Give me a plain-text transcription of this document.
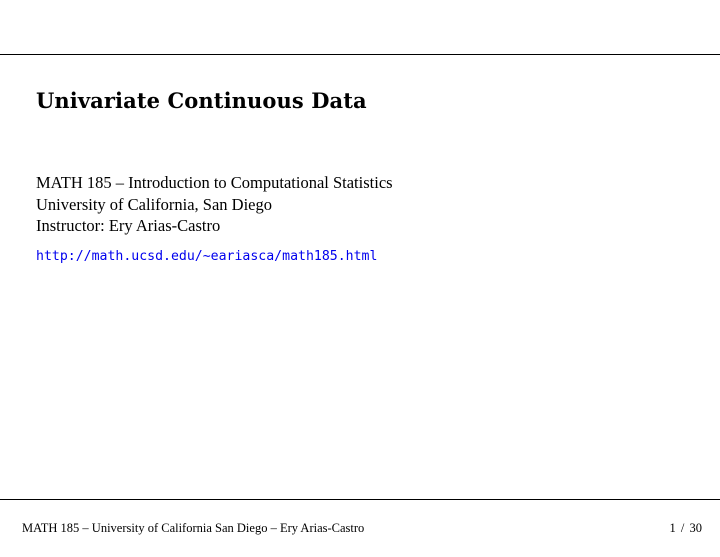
Univariate Continuous Data
MATH 185 – Introduction to Computational Statistics
University of California, San Diego
Instructor: Ery Arias-Castro
http://math.ucsd.edu/∼eariasca/math185.html
MATH 185 – University of California San Diego – Ery Arias-Castro	1 / 30
